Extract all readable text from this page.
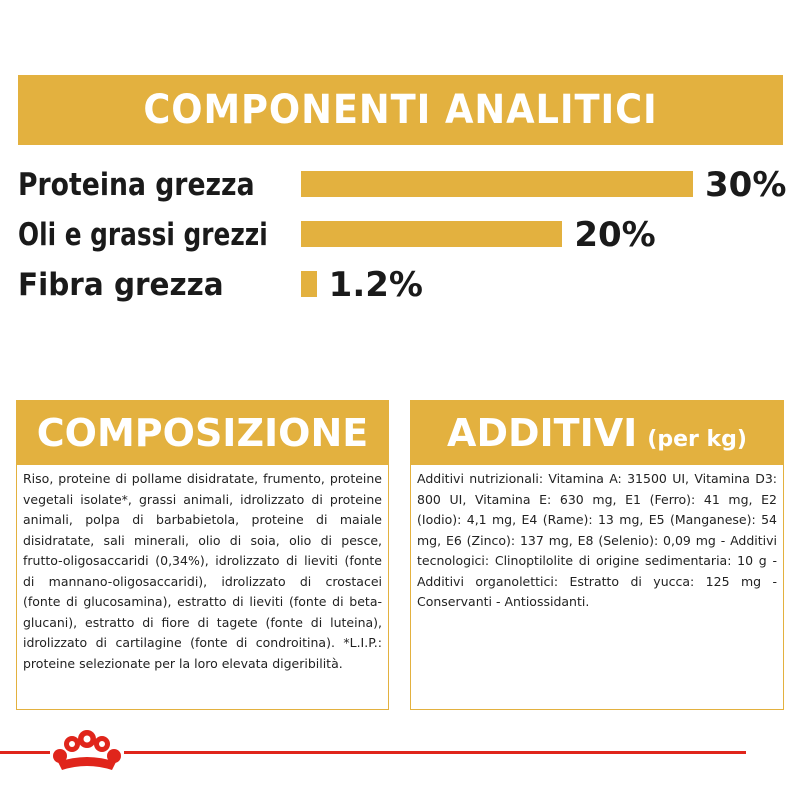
COMPONENTI ANALITICI
Proteina grezza	30%
Oli e grassi grezzi	20%
Fibra grezza	1.2%
COMPOSIZIONE

Riso, proteine di pollame disidratate, frumento, proteine vegetali isolate*, grassi animali, idrolizzato di proteine animali, polpa di barbabietola, proteine di maiale disidratate, sali minerali, olio di soia, olio di pesce, frutto-oligosaccaridi (0,34%), idrolizzato di lieviti (fonte di mannano-oligosaccaridi), idrolizzato di crostacei (fonte di glucosamina), estratto di lieviti (fonte di beta-glucani), estratto di fiore di tagete (fonte di luteina), idrolizzato di cartilagine (fonte di condroitina). *L.I.P.: proteine selezionate per la loro elevata digeribilità.

ADDITIVI (per kg)

Additivi nutrizionali: Vitamina A: 31500 UI, Vitamina D3: 800 UI, Vitamina E: 630 mg, E1 (Ferro): 41 mg, E2 (Iodio): 4,1 mg, E4 (Rame): 13 mg, E5 (Manganese): 54 mg, E6 (Zinco): 137 mg, E8 (Selenio): 0,09 mg - Additivi tecnologici: Clinoptilolite di origine sedimentaria: 10 g - Additivi organolettici: Estratto di yucca: 125 mg - Conservanti - Antiossidanti.
